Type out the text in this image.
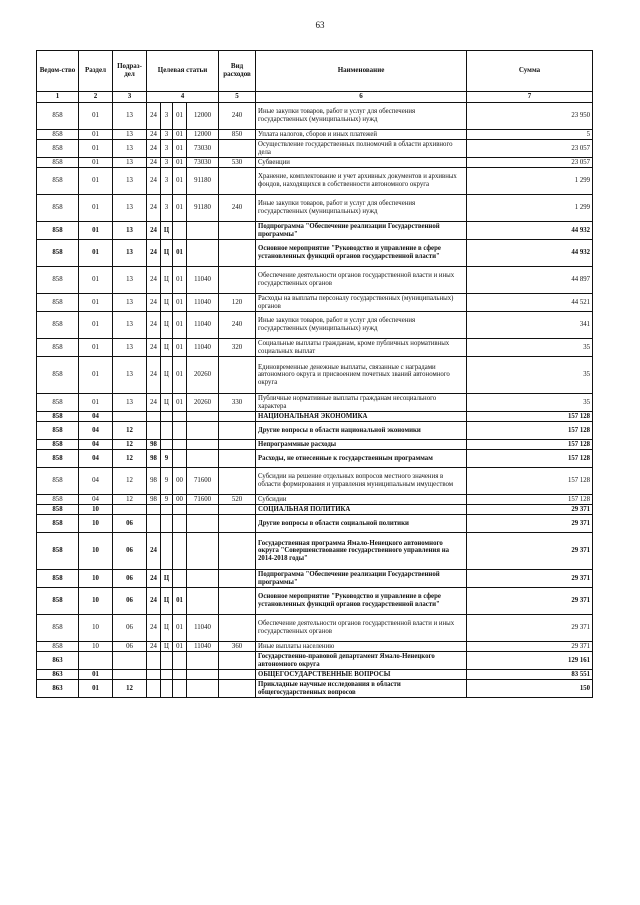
63
Ведом-ство	Раздел	Подраз-дел	Целевая статьи				Вид расходов	Наименование	Сумма
1	2	3	4				5	6	7
858	01	13	24	3	01	12000	240	Иные закупки товаров, работ и услуг для обеспечения государственных (муниципальных) нужд	23 950
858	01	13	24	3	01	12000	850	Уплата налогов, сборов и иных платежей	5
858	01	13	24	3	01	73030		Осуществление государственных полномочий в области архивного дела	23 057
858	01	13	24	3	01	73030	530	Субвенции	23 057
858	01	13	24	3	01	91180		Хранение, комплектование и учет архивных документов и архивных фондов, находящихся в собственности автономного округа	1 299
858	01	13	24	3	01	91180	240	Иные закупки товаров, работ и услуг для обеспечения государственных (муниципальных) нужд	1 299
858	01	13	24	Ц				Подпрограмма "Обеспечение реализации Государственной программы"	44 932
858	01	13	24	Ц	01			Основное мероприятие "Руководство и управление в сфере установленных функций органов государственной власти"	44 932
858	01	13	24	Ц	01	11040		Обеспечение деятельности органов государственной власти и иных государственных органов	44 897
858	01	13	24	Ц	01	11040	120	Расходы на выплаты персоналу государственных (муниципальных) органов	44 521
858	01	13	24	Ц	01	11040	240	Иные закупки товаров, работ и услуг для обеспечения государственных (муниципальных) нужд	341
858	01	13	24	Ц	01	11040	320	Социальные выплаты гражданам, кроме публичных нормативных социальных выплат	35
858	01	13	24	Ц	01	20260		Единовременные денежные выплаты, связанные с наградами автономного округа и присвоением почетных званий автономного округа	35
858	01	13	24	Ц	01	20260	330	Публичные нормативные выплаты гражданам несоциального характера	35
858	04							НАЦИОНАЛЬНАЯ ЭКОНОМИКА	157 128
858	04	12						Другие вопросы в области национальной экономики	157 128
858	04	12	98					Непрограммные расходы	157 128
858	04	12	98	9				Расходы, не отнесенные к государственным программам	157 128
858	04	12	98	9	00	71600		Субсидии на решение отдельных вопросов местного значения в области формирования и управления муниципальным имуществом	157 128
858	04	12	98	9	00	71600	520	Субсидии	157 128
858	10							СОЦИАЛЬНАЯ ПОЛИТИКА	29 371
858	10	06						Другие вопросы в области социальной политики	29 371
858	10	06	24					Государственная программа Ямало-Ненецкого автономного округа "Совершенствование государственного управления на 2014-2018 годы"	29 371
858	10	06	24	Ц				Подпрограмма "Обеспечение реализации Государственной программы"	29 371
858	10	06	24	Ц	01			Основное мероприятие "Руководство и управление в сфере установленных функций органов государственной власти"	29 371
858	10	06	24	Ц	01	11040		Обеспечение деятельности органов государственной власти и иных государственных органов	29 371
858	10	06	24	Ц	01	11040	360	Иные выплаты населению	29 371
863								Государственно-правовой департамент Ямало-Ненецкого автономного округа	129 161
863	01							ОБЩЕГОСУДАРСТВЕННЫЕ ВОПРОСЫ	83 551
863	01	12						Прикладные научные исследования в области общегосударственных вопросов	150
